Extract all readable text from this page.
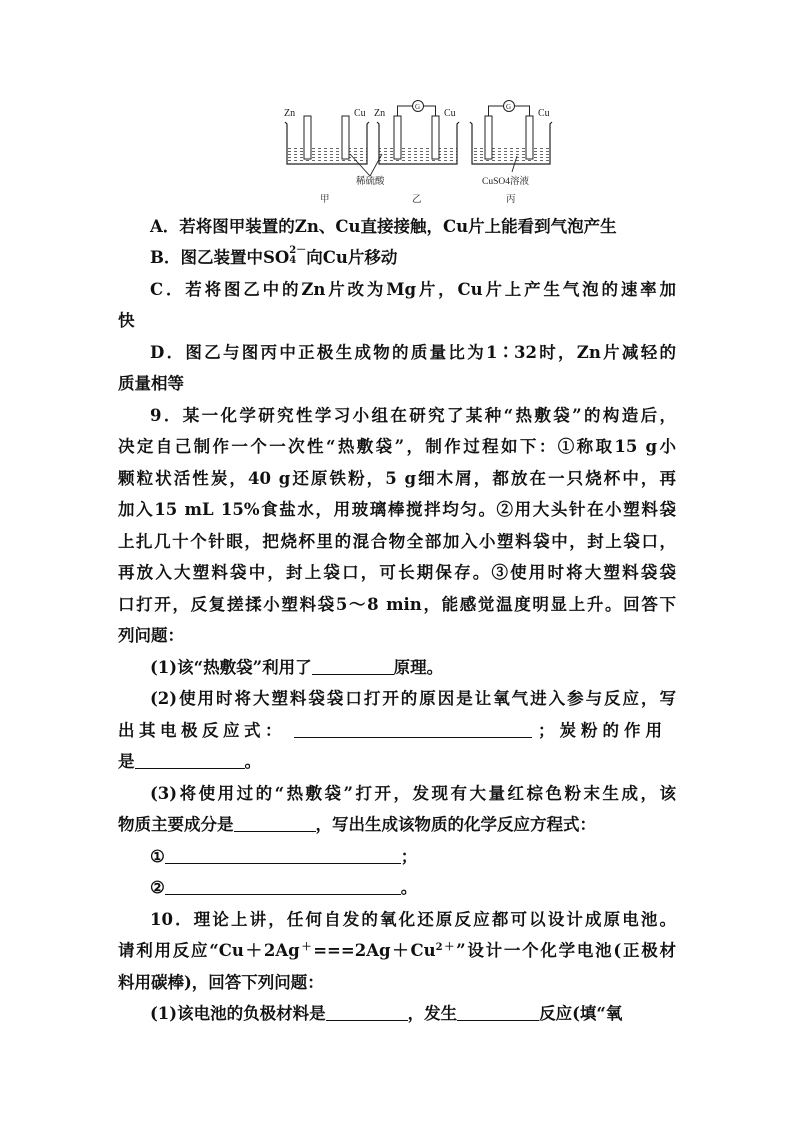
Zn	Cu
G
Zn	Cu
G
Cu
稀硫酸	CuSO4溶液
甲	乙	丙
A．若将图甲装置的Zn、Cu直接接触，Cu片上能看到气泡产生
B．图乙装置中SO 2－
4 向Cu片移动
C．若将图乙中的Zn片改为Mg片，Cu片上产生气泡的速率加
快
D．图乙与图丙中正极生成物的质量比为1∶32时，Zn片减轻的
质量相等
9．某一化学研究性学习小组在研究了某种“热敷袋”的构造后，
决定自己制作一个一次性“热敷袋”，制作过程如下：①称取15 g小
颗粒状活性炭，40 g还原铁粉，5 g细木屑，都放在一只烧杯中，再
加入15 mL 15%食盐水，用玻璃棒搅拌均匀。②用大头针在小塑料袋
上扎几十个针眼，把烧杯里的混合物全部加入小塑料袋中，封上袋口，
再放入大塑料袋中，封上袋口，可长期保存。③使用时将大塑料袋袋
口打开，反复搓揉小塑料袋5～8 min，能感觉温度明显上升。回答下
列问题：
(1)该“热敷袋”利用了	原理。
(2)使用时将大塑料袋袋口打开的原因是让氧气进入参与反应，写
出其电极反应式：	；炭粉的作用
是	。
(3)将使用过的“热敷袋”打开，发现有大量红棕色粉末生成，该
物质主要成分是	，写出生成该物质的化学反应方程式：
①	；
②	。
10．理论上讲，任何自发的氧化还原反应都可以设计成原电池。
请利用反应“$Cu+2Ag^+===2Ag+Cu^{2+}$”设计一个化学电池(正极材
料用碳棒)，回答下列问题：
(1)该电池的负极材料是	，发生	反应(填“氧
